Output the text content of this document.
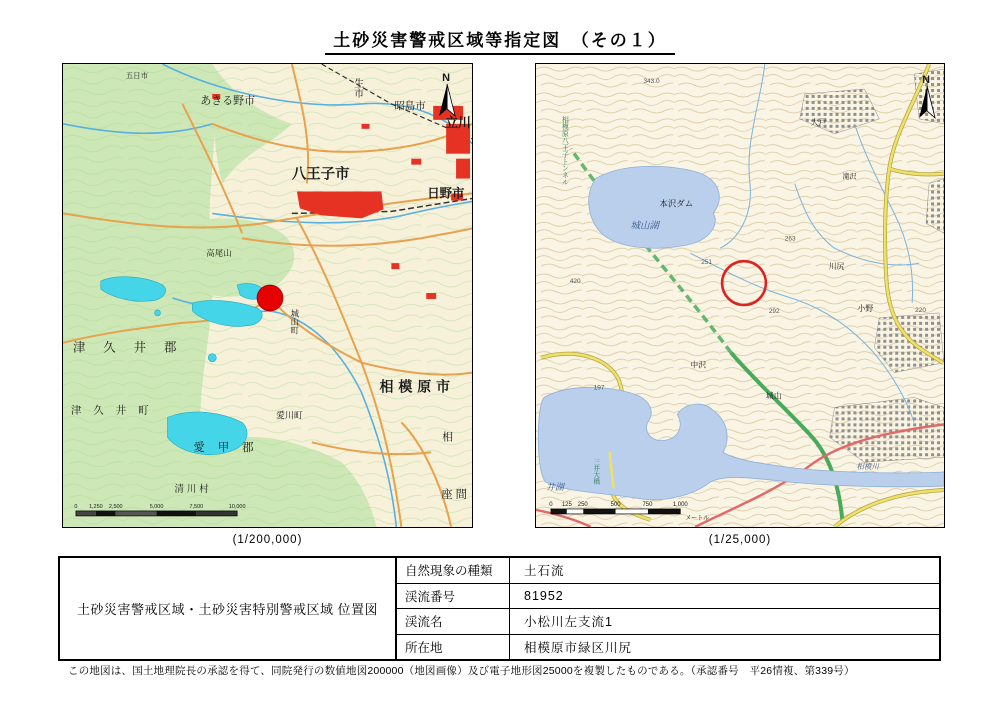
土砂災害警戒区域等指定図　（その１）
五日市
あきる野市
生市
昭島市
立川
八王子市
日野市
相模原市
津久井郡
津久井町
愛甲郡
清川村
愛川町
高尾山
座間
城山町
相
N
0 1,250 2,500	5,000	7,500	10,000
相模原八王子トンネル
城山湖
本沢ダム
井湖
相模川
三井大橋
大戸
滝沢
川尻
小野
中沢
城山
343.0
263
251
292	220
197
420
N
0 125 250	500	750	1,000
メートル
(1/200,000)	(1/25,000)
土砂災害警戒区域・土砂災害特別警戒区域 位置図
自然現象の種類	土石流
渓流番号	81952
渓流名	小松川左支流1
所在地	相模原市緑区川尻
この地図は、国土地理院長の承認を得て、同院発行の数値地図200000（地図画像）及び電子地形図25000を複製したものである。（承認番号　平26情複、第339号）
